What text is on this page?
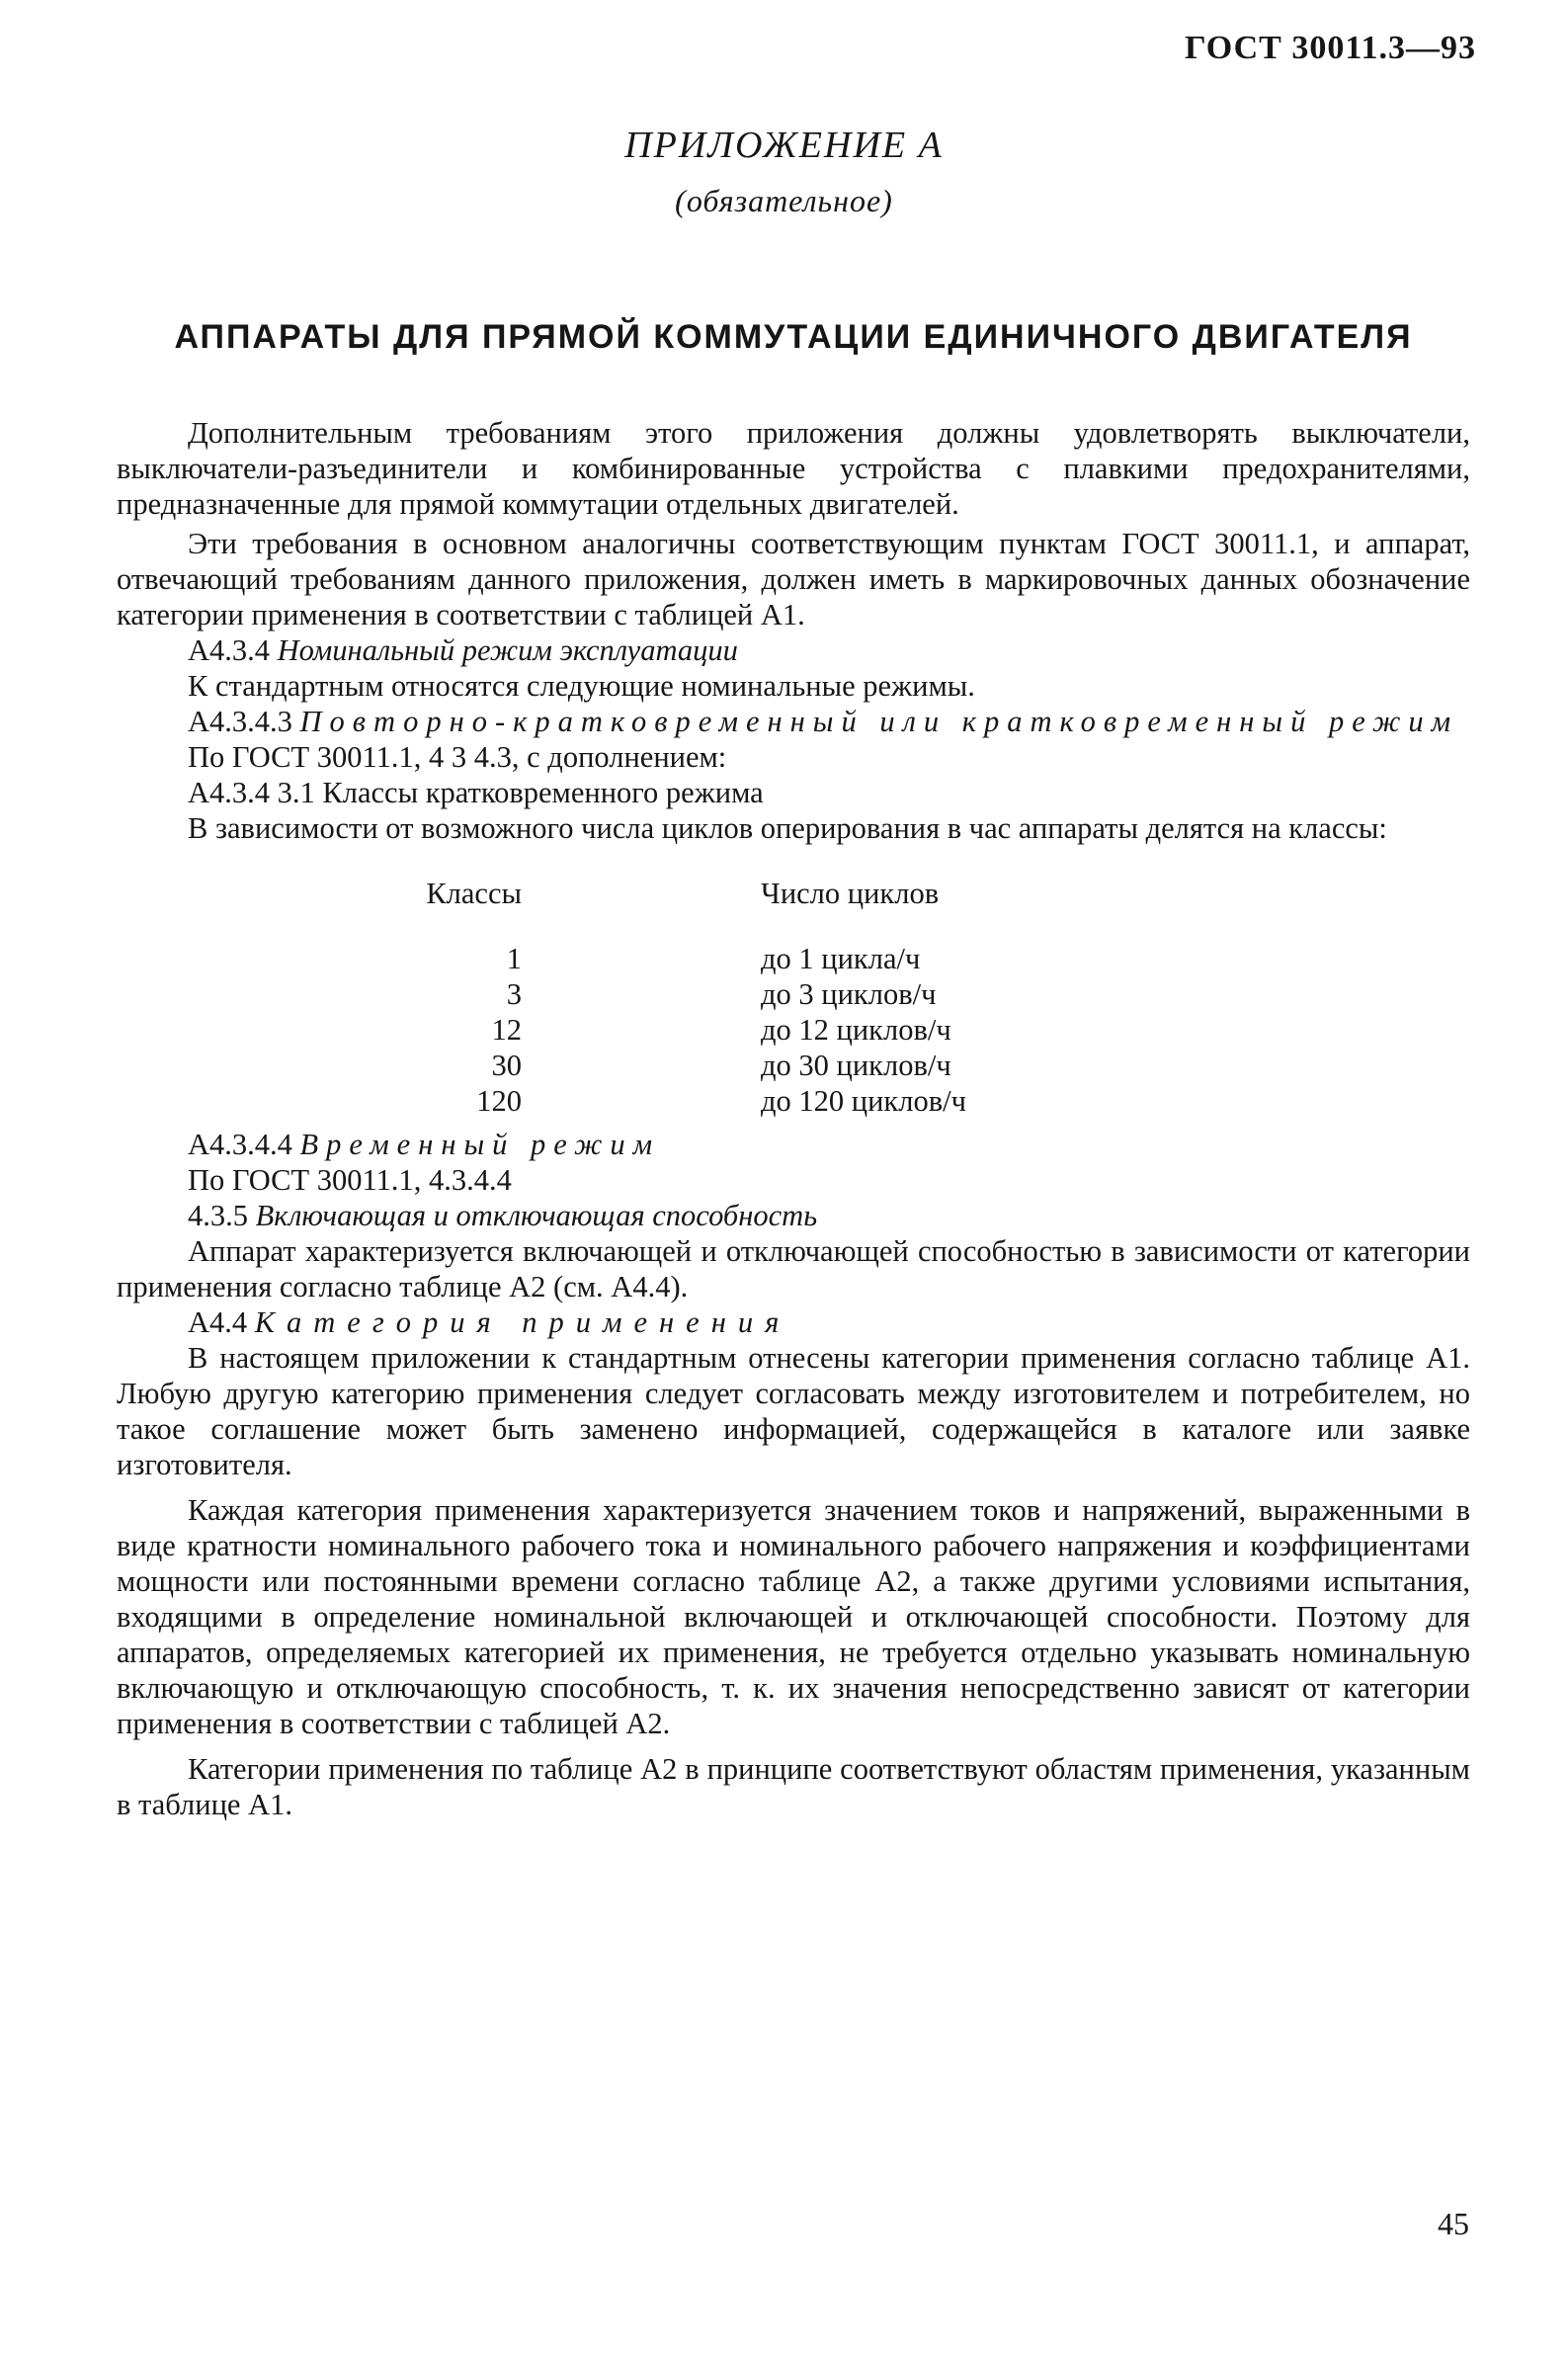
ГОСТ 30011.3—93
ПРИЛОЖЕНИЕ А
(обязательное)
АППАРАТЫ ДЛЯ ПРЯМОЙ КОММУТАЦИИ ЕДИНИЧНОГО ДВИГАТЕЛЯ

Дополнительным требованиям этого приложения должны удовлетворять выключатели, выключатели-разъединители и комбинированные устройства с плавкими предохранителями, предназначенные для прямой коммутации отдельных двигателей.

Эти требования в основном аналогичны соответствующим пунктам ГОСТ 30011.1, и аппарат, отвечающий требованиям данного приложения, должен иметь в маркировочных данных обозначение категории применения в соответствии с таблицей А1.

А4.3.4 Номинальный режим эксплуатации

К стандартным относятся следующие номинальные режимы.

А4.3.4.3 Повторно-кратковременный или кратковременный режим

По ГОСТ 30011.1, 4 3 4.3, с дополнением:

А4.3.4 3.1 Классы кратковременного режима

В зависимости от возможного числа циклов оперирования в час аппараты делятся на классы:

Классы		Число циклов
1		до 1 цикла/ч
3		до 3 циклов/ч
12		до 12 циклов/ч
30		до 30 циклов/ч
120		до 120 циклов/ч

А4.3.4.4 Временный режим

По ГОСТ 30011.1, 4.3.4.4

4.3.5 Включающая и отключающая способность

Аппарат характеризуется включающей и отключающей способностью в зависимости от категории применения согласно таблице А2 (см. А4.4).

А4.4 Категория применения

В настоящем приложении к стандартным отнесены категории применения согласно таблице А1. Любую другую категорию применения следует согласовать между изготовителем и потребителем, но такое соглашение может быть заменено информацией, содержащейся в каталоге или заявке изготовителя.

Каждая категория применения характеризуется значением токов и напряжений, выраженными в виде кратности номинального рабочего тока и номинального рабочего напряжения и коэффициентами мощности или постоянными времени согласно таблице А2, а также другими условиями испытания, входящими в определение номинальной включающей и отключающей способности. Поэтому для аппаратов, определяемых категорией их применения, не требуется отдельно указывать номинальную включающую и отключающую способность, т. к. их значения непосредственно зависят от категории применения в соответствии с таблицей А2.

Категории применения по таблице А2 в принципе соответствуют областям применения, указанным в таблице А1.

45
